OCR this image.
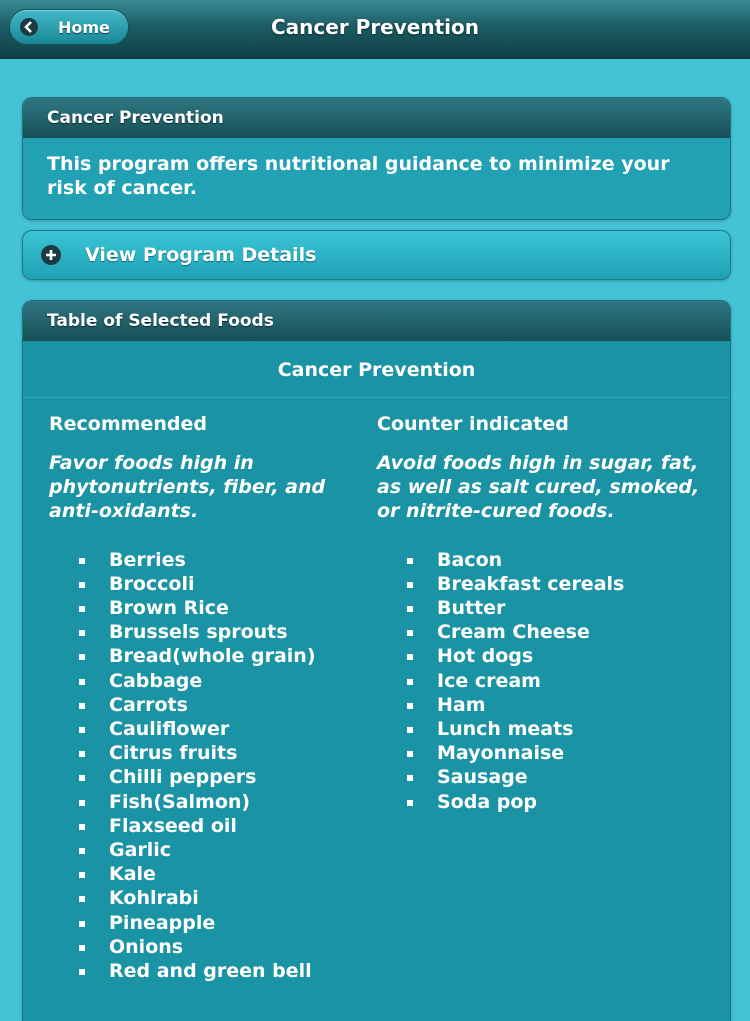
Home	Cancer Prevention
Cancer Prevention
This program offers nutritional guidance to minimize your risk of cancer.
View Program Details
Table of Selected Foods
Cancer Prevention
Recommended

Favor foods high in phytonutrients, fiber, and anti-oxidants.

Berries
Broccoli
Brown Rice
Brussels sprouts
Bread(whole grain)
Cabbage
Carrots
Cauliflower
Citrus fruits
Chilli peppers
Fish(Salmon)
Flaxseed oil
Garlic
Kale
Kohlrabi
Pineapple
Onions
Red and green bell
Counter indicated

Avoid foods high in sugar, fat, as well as salt cured, smoked, or nitrite-cured foods.

Bacon
Breakfast cereals
Butter
Cream Cheese
Hot dogs
Ice cream
Ham
Lunch meats
Mayonnaise
Sausage
Soda pop
